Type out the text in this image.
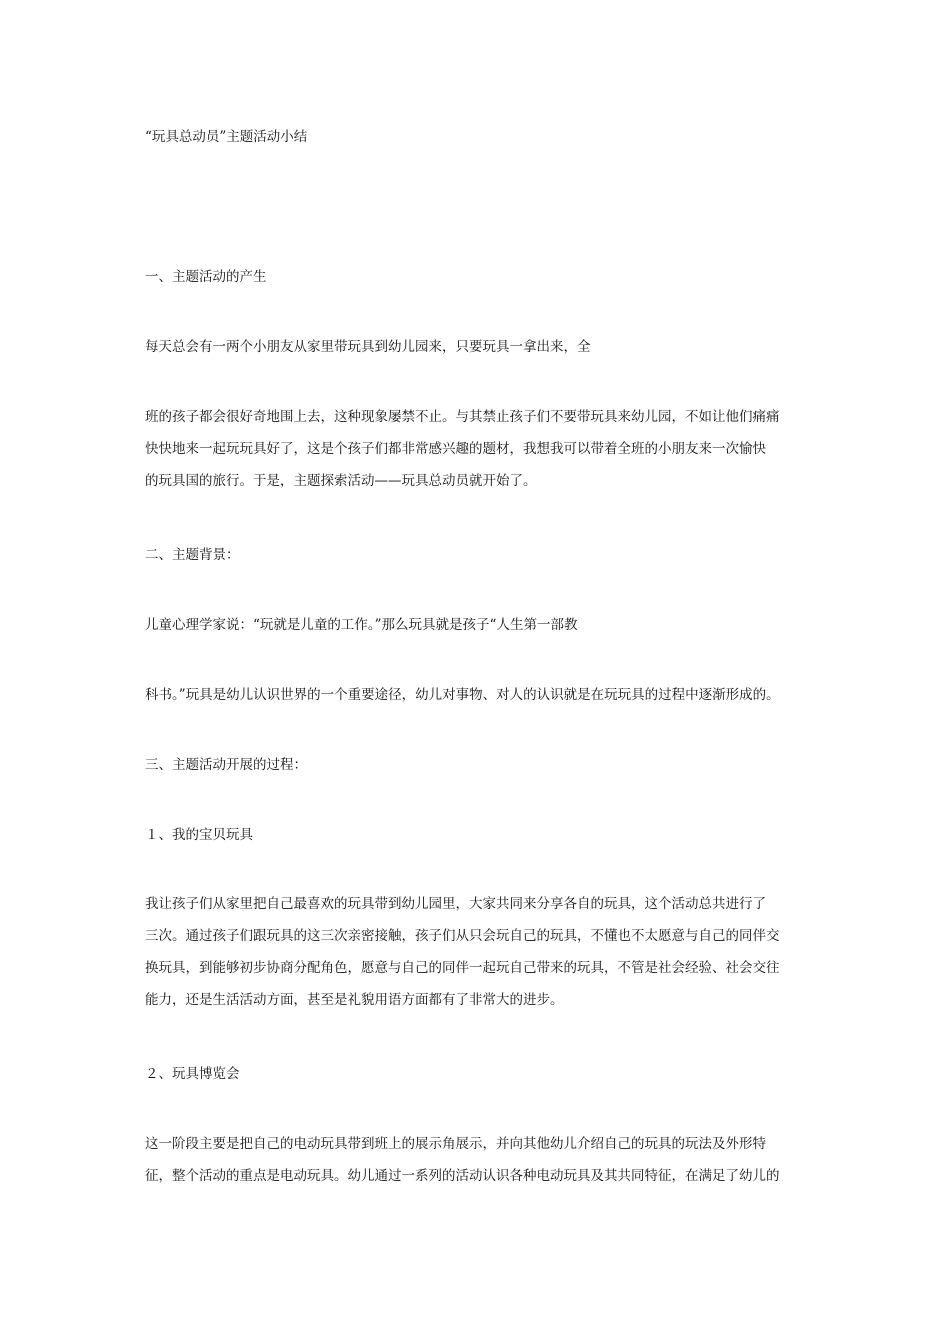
“玩具总动员”主题活动小结

一、主题活动的产生

每天总会有一两个小朋友从家里带玩具到幼儿园来，只要玩具一拿出来，全

班的孩子都会很好奇地围上去，这种现象屡禁不止。与其禁止孩子们不要带玩具来幼儿园，不如让他们痛痛

快快地来一起玩玩具好了，这是个孩子们都非常感兴趣的题材，我想我可以带着全班的小朋友来一次愉快

的玩具国的旅行。于是，主题探索活动——玩具总动员就开始了。

二、主题背景：

儿童心理学家说：“玩就是儿童的工作。”那么玩具就是孩子“人生第一部教

科书。”玩具是幼儿认识世界的一个重要途径，幼儿对事物、对人的认识就是在玩玩具的过程中逐渐形成的。

三、主题活动开展的过程：

１、我的宝贝玩具

我让孩子们从家里把自己最喜欢的玩具带到幼儿园里，大家共同来分享各自的玩具，这个活动总共进行了

三次。通过孩子们跟玩具的这三次亲密接触，孩子们从只会玩自己的玩具，不懂也不太愿意与自己的同伴交

换玩具，到能够初步协商分配角色，愿意与自己的同伴一起玩自己带来的玩具，不管是社会经验、社会交往

能力，还是生活活动方面，甚至是礼貌用语方面都有了非常大的进步。

２、玩具博览会

这一阶段主要是把自己的电动玩具带到班上的展示角展示，并向其他幼儿介绍自己的玩具的玩法及外形特

征，整个活动的重点是电动玩具。幼儿通过一系列的活动认识各种电动玩具及其共同特征，在满足了幼儿的
